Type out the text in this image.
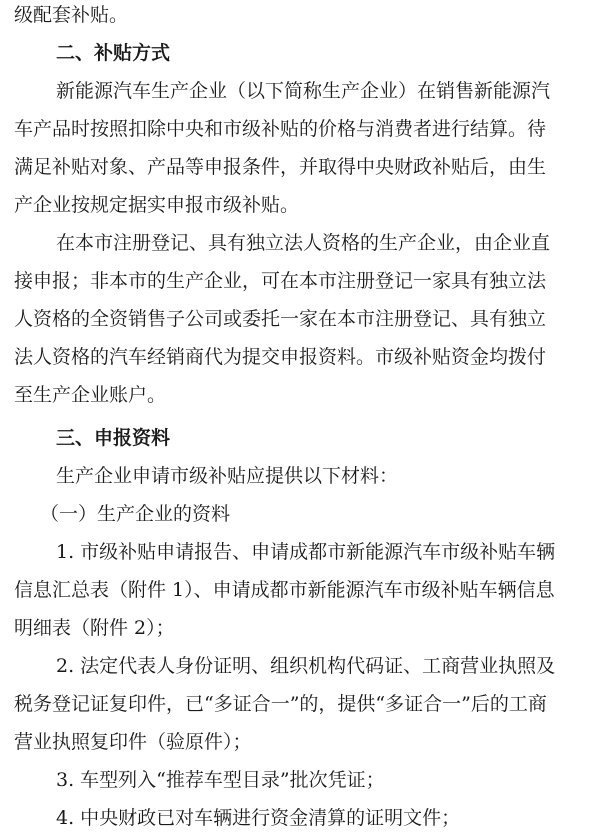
级配套补贴。
二、补贴方式
新能源汽车生产企业（以下简称生产企业）在销售新能源汽
车产品时按照扣除中央和市级补贴的价格与消费者进行结算。待
满足补贴对象、产品等申报条件，并取得中央财政补贴后，由生
产企业按规定据实申报市级补贴。
在本市注册登记、具有独立法人资格的生产企业，由企业直
接申报；非本市的生产企业，可在本市注册登记一家具有独立法
人资格的全资销售子公司或委托一家在本市注册登记、具有独立
法人资格的汽车经销商代为提交申报资料。市级补贴资金均拨付
至生产企业账户。
三、申报资料
生产企业申请市级补贴应提供以下材料：
（一）生产企业的资料
1. 市级补贴申请报告、申请成都市新能源汽车市级补贴车辆
信息汇总表（附件 1）、申请成都市新能源汽车市级补贴车辆信息
明细表（附件 2）；
2. 法定代表人身份证明、组织机构代码证、工商营业执照及
税务登记证复印件，已“多证合一”的，提供“多证合一”后的工商
营业执照复印件（验原件）；
3. 车型列入“推荐车型目录”批次凭证；
4. 中央财政已对车辆进行资金清算的证明文件；
